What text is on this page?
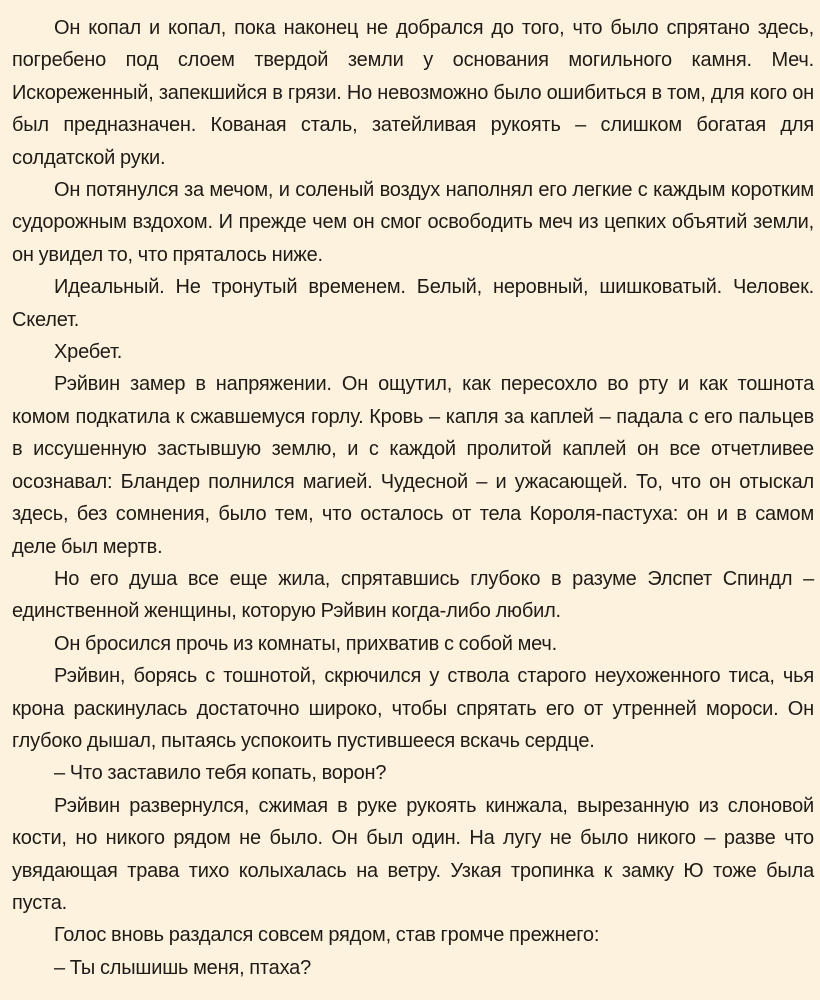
Он копал и копал, пока наконец не добрался до того, что было спрятано здесь, погребено под слоем твердой земли у основания могильного камня. Меч. Искореженный, запекшийся в грязи. Но невозможно было ошибиться в том, для кого он был предназначен. Кованая сталь, затейливая рукоять – слишком богатая для солдатской руки.

Он потянулся за мечом, и соленый воздух наполнял его легкие с каждым коротким судорожным вздохом. И прежде чем он смог освободить меч из цепких объятий земли, он увидел то, что пряталось ниже.

Идеальный. Не тронутый временем. Белый, неровный, шишковатый. Человек. Скелет.

Хребет.

Рэйвин замер в напряжении. Он ощутил, как пересохло во рту и как тошнота комом подкатила к сжавшемуся горлу. Кровь – капля за каплей – падала с его пальцев в иссушенную застывшую землю, и с каждой пролитой каплей он все отчетливее осознавал: Бландер полнился магией. Чудесной – и ужасающей. То, что он отыскал здесь, без сомнения, было тем, что осталось от тела Короля-пастуха: он и в самом деле был мертв.

Но его душа все еще жила, спрятавшись глубоко в разуме Элспет Спиндл – единственной женщины, которую Рэйвин когда-либо любил.

Он бросился прочь из комнаты, прихватив с собой меч.

Рэйвин, борясь с тошнотой, скрючился у ствола старого неухоженного тиса, чья крона раскинулась достаточно широко, чтобы спрятать его от утренней мороси. Он глубоко дышал, пытаясь успокоить пустившееся вскачь сердце.

– Что заставило тебя копать, ворон?

Рэйвин развернулся, сжимая в руке рукоять кинжала, вырезанную из слоновой кости, но никого рядом не было. Он был один. На лугу не было никого – разве что увядающая трава тихо колыхалась на ветру. Узкая тропинка к замку Ю тоже была пуста.

Голос вновь раздался совсем рядом, став громче прежнего:

– Ты слышишь меня, птаха?
